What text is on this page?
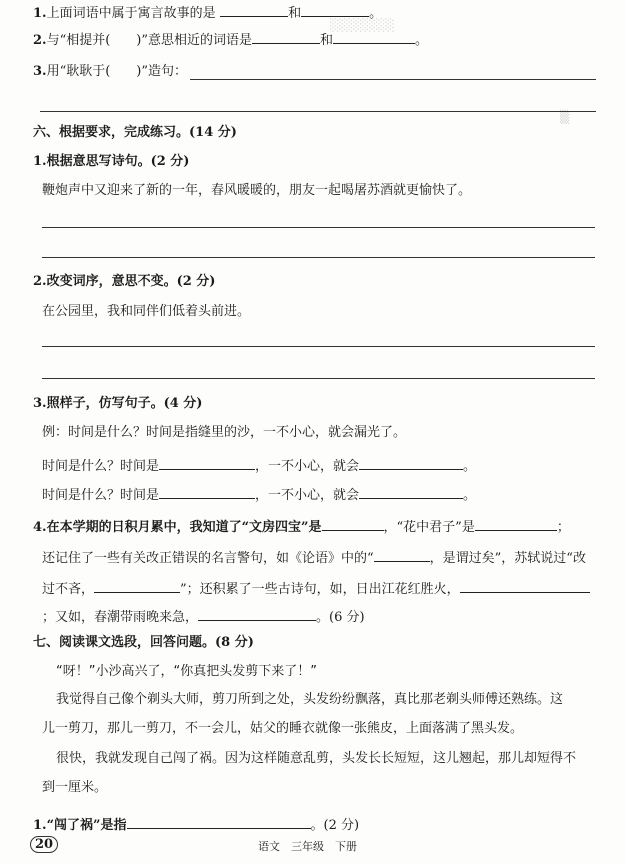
░░░░░░░
▒
1.上面词语中属于寓言故事的是	和	。
2.与“相提并(　　)”意思相近的词语是	和	。
3.用“耿耿于(　　)”造句：
六、根据要求，完成练习。(14 分)
1.根据意思写诗句。(2 分)
鞭炮声中又迎来了新的一年，春风暖暖的，朋友一起喝屠苏酒就更愉快了。
2.改变词序，意思不变。(2 分)
在公园里，我和同伴们低着头前进。
3.照样子，仿写句子。(4 分)
例：时间是什么？时间是指缝里的沙，一不小心，就会漏光了。
时间是什么？时间是	，一不小心，就会	。
时间是什么？时间是	，一不小心，就会	。
4.在本学期的日积月累中，我知道了“文房四宝”是	，“花中君子”是	；
还记住了一些有关改正错误的名言警句，如《论语》中的“	，是谓过矣”，苏轼说过“改
过不吝，	”；还积累了一些古诗句，如，日出江花红胜火，
；又如，春潮带雨晚来急，	。(6 分)
七、阅读课文选段，回答问题。(8 分)
“呀！”小沙高兴了，“你真把头发剪下来了！”
我觉得自己像个剃头大师，剪刀所到之处，头发纷纷飘落，真比那老剃头师傅还熟练。这
儿一剪刀，那儿一剪刀，不一会儿，姑父的睡衣就像一张熊皮，上面落满了黑头发。
很快，我就发现自己闯了祸。因为这样随意乱剪，头发长长短短，这儿翘起，那儿却短得不
到一厘米。
1.“闯了祸”是指	。(2 分)
20	语文　三年级　下册
